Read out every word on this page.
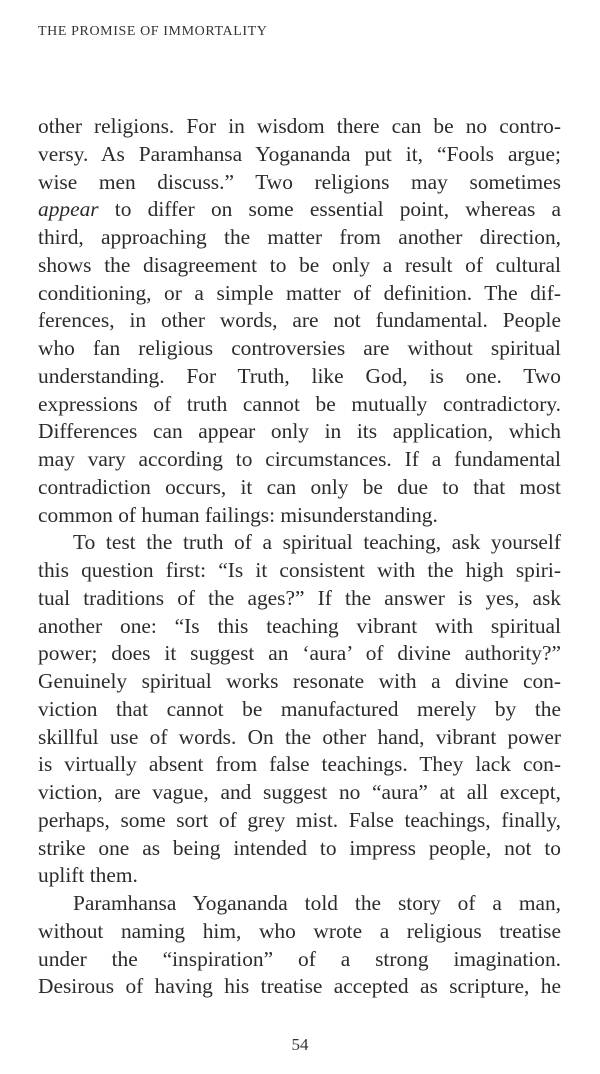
THE PROMISE OF IMMORTALITY
other religions. For in wisdom there can be no contro-
versy. As Paramhansa Yogananda put it, “Fools argue;
wise men discuss.” Two religions may sometimes
appear to differ on some essential point, whereas a
third, approaching the matter from another direction,
shows the disagreement to be only a result of cultural
conditioning, or a simple matter of definition. The dif-
ferences, in other words, are not fundamental. People
who fan religious controversies are without spiritual
understanding. For Truth, like God, is one. Two
expressions of truth cannot be mutually contradictory.
Differences can appear only in its application, which
may vary according to circumstances. If a fundamental
contradiction occurs, it can only be due to that most
common of human failings: misunderstanding.
To test the truth of a spiritual teaching, ask yourself
this question first: “Is it consistent with the high spiri-
tual traditions of the ages?” If the answer is yes, ask
another one: “Is this teaching vibrant with spiritual
power; does it suggest an ‘aura’ of divine authority?”
Genuinely spiritual works resonate with a divine con-
viction that cannot be manufactured merely by the
skillful use of words. On the other hand, vibrant power
is virtually absent from false teachings. They lack con-
viction, are vague, and suggest no “aura” at all except,
perhaps, some sort of grey mist. False teachings, finally,
strike one as being intended to impress people, not to
uplift them.
Paramhansa Yogananda told the story of a man,
without naming him, who wrote a religious treatise
under the “inspiration” of a strong imagination.
Desirous of having his treatise accepted as scripture, he
54
